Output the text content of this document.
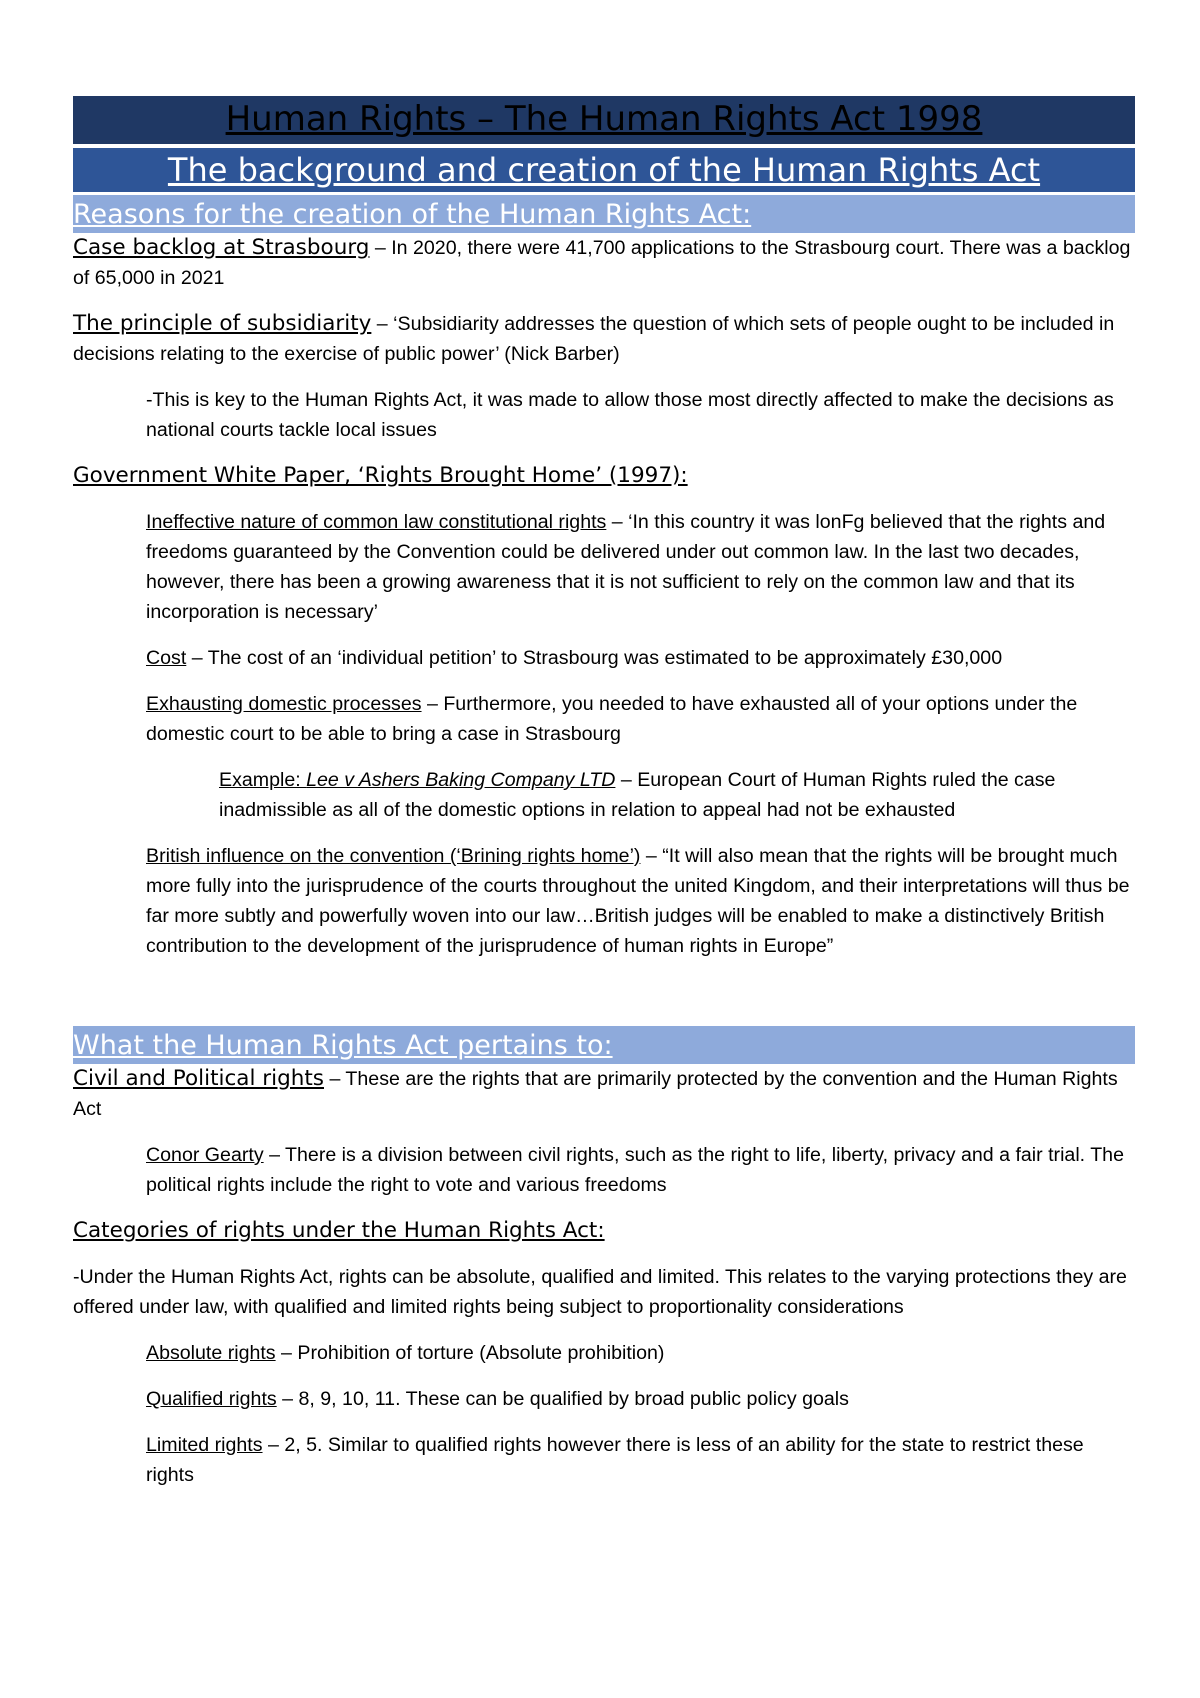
Human Rights – The Human Rights Act 1998
The background and creation of the Human Rights Act
Reasons for the creation of the Human Rights Act:

Case backlog at Strasbourg – In 2020, there were 41,700 applications to the Strasbourg court. There was a backlog of 65,000 in 2021

The principle of subsidiarity – ‘Subsidiarity addresses the question of which sets of people ought to be included in decisions relating to the exercise of public power’ (Nick Barber)

-This is key to the Human Rights Act, it was made to allow those most directly affected to make the decisions as national courts tackle local issues

Government White Paper, ‘Rights Brought Home’ (1997):

Ineffective nature of common law constitutional rights – ‘In this country it was lonFg believed that the rights and freedoms guaranteed by the Convention could be delivered under out common law. In the last two decades, however, there has been a growing awareness that it is not sufficient to rely on the common law and that its incorporation is necessary’

Cost – The cost of an ‘individual petition’ to Strasbourg was estimated to be approximately £30,000

Exhausting domestic processes – Furthermore, you needed to have exhausted all of your options under the domestic court to be able to bring a case in Strasbourg

Example: Lee v Ashers Baking Company LTD – European Court of Human Rights ruled the case inadmissible as all of the domestic options in relation to appeal had not be exhausted

British influence on the convention (‘Brining rights home’) – “It will also mean that the rights will be brought much more fully into the jurisprudence of the courts throughout the united Kingdom, and their interpretations will thus be far more subtly and powerfully woven into our law…British judges will be enabled to make a distinctively British contribution to the development of the jurisprudence of human rights in Europe”

What the Human Rights Act pertains to:

Civil and Political rights – These are the rights that are primarily protected by the convention and the Human Rights Act

Conor Gearty – There is a division between civil rights, such as the right to life, liberty, privacy and a fair trial. The political rights include the right to vote and various freedoms

Categories of rights under the Human Rights Act:

-Under the Human Rights Act, rights can be absolute, qualified and limited. This relates to the varying protections they are offered under law, with qualified and limited rights being subject to proportionality considerations

Absolute rights – Prohibition of torture (Absolute prohibition)

Qualified rights – 8, 9, 10, 11. These can be qualified by broad public policy goals

Limited rights – 2, 5. Similar to qualified rights however there is less of an ability for the state to restrict these rights
